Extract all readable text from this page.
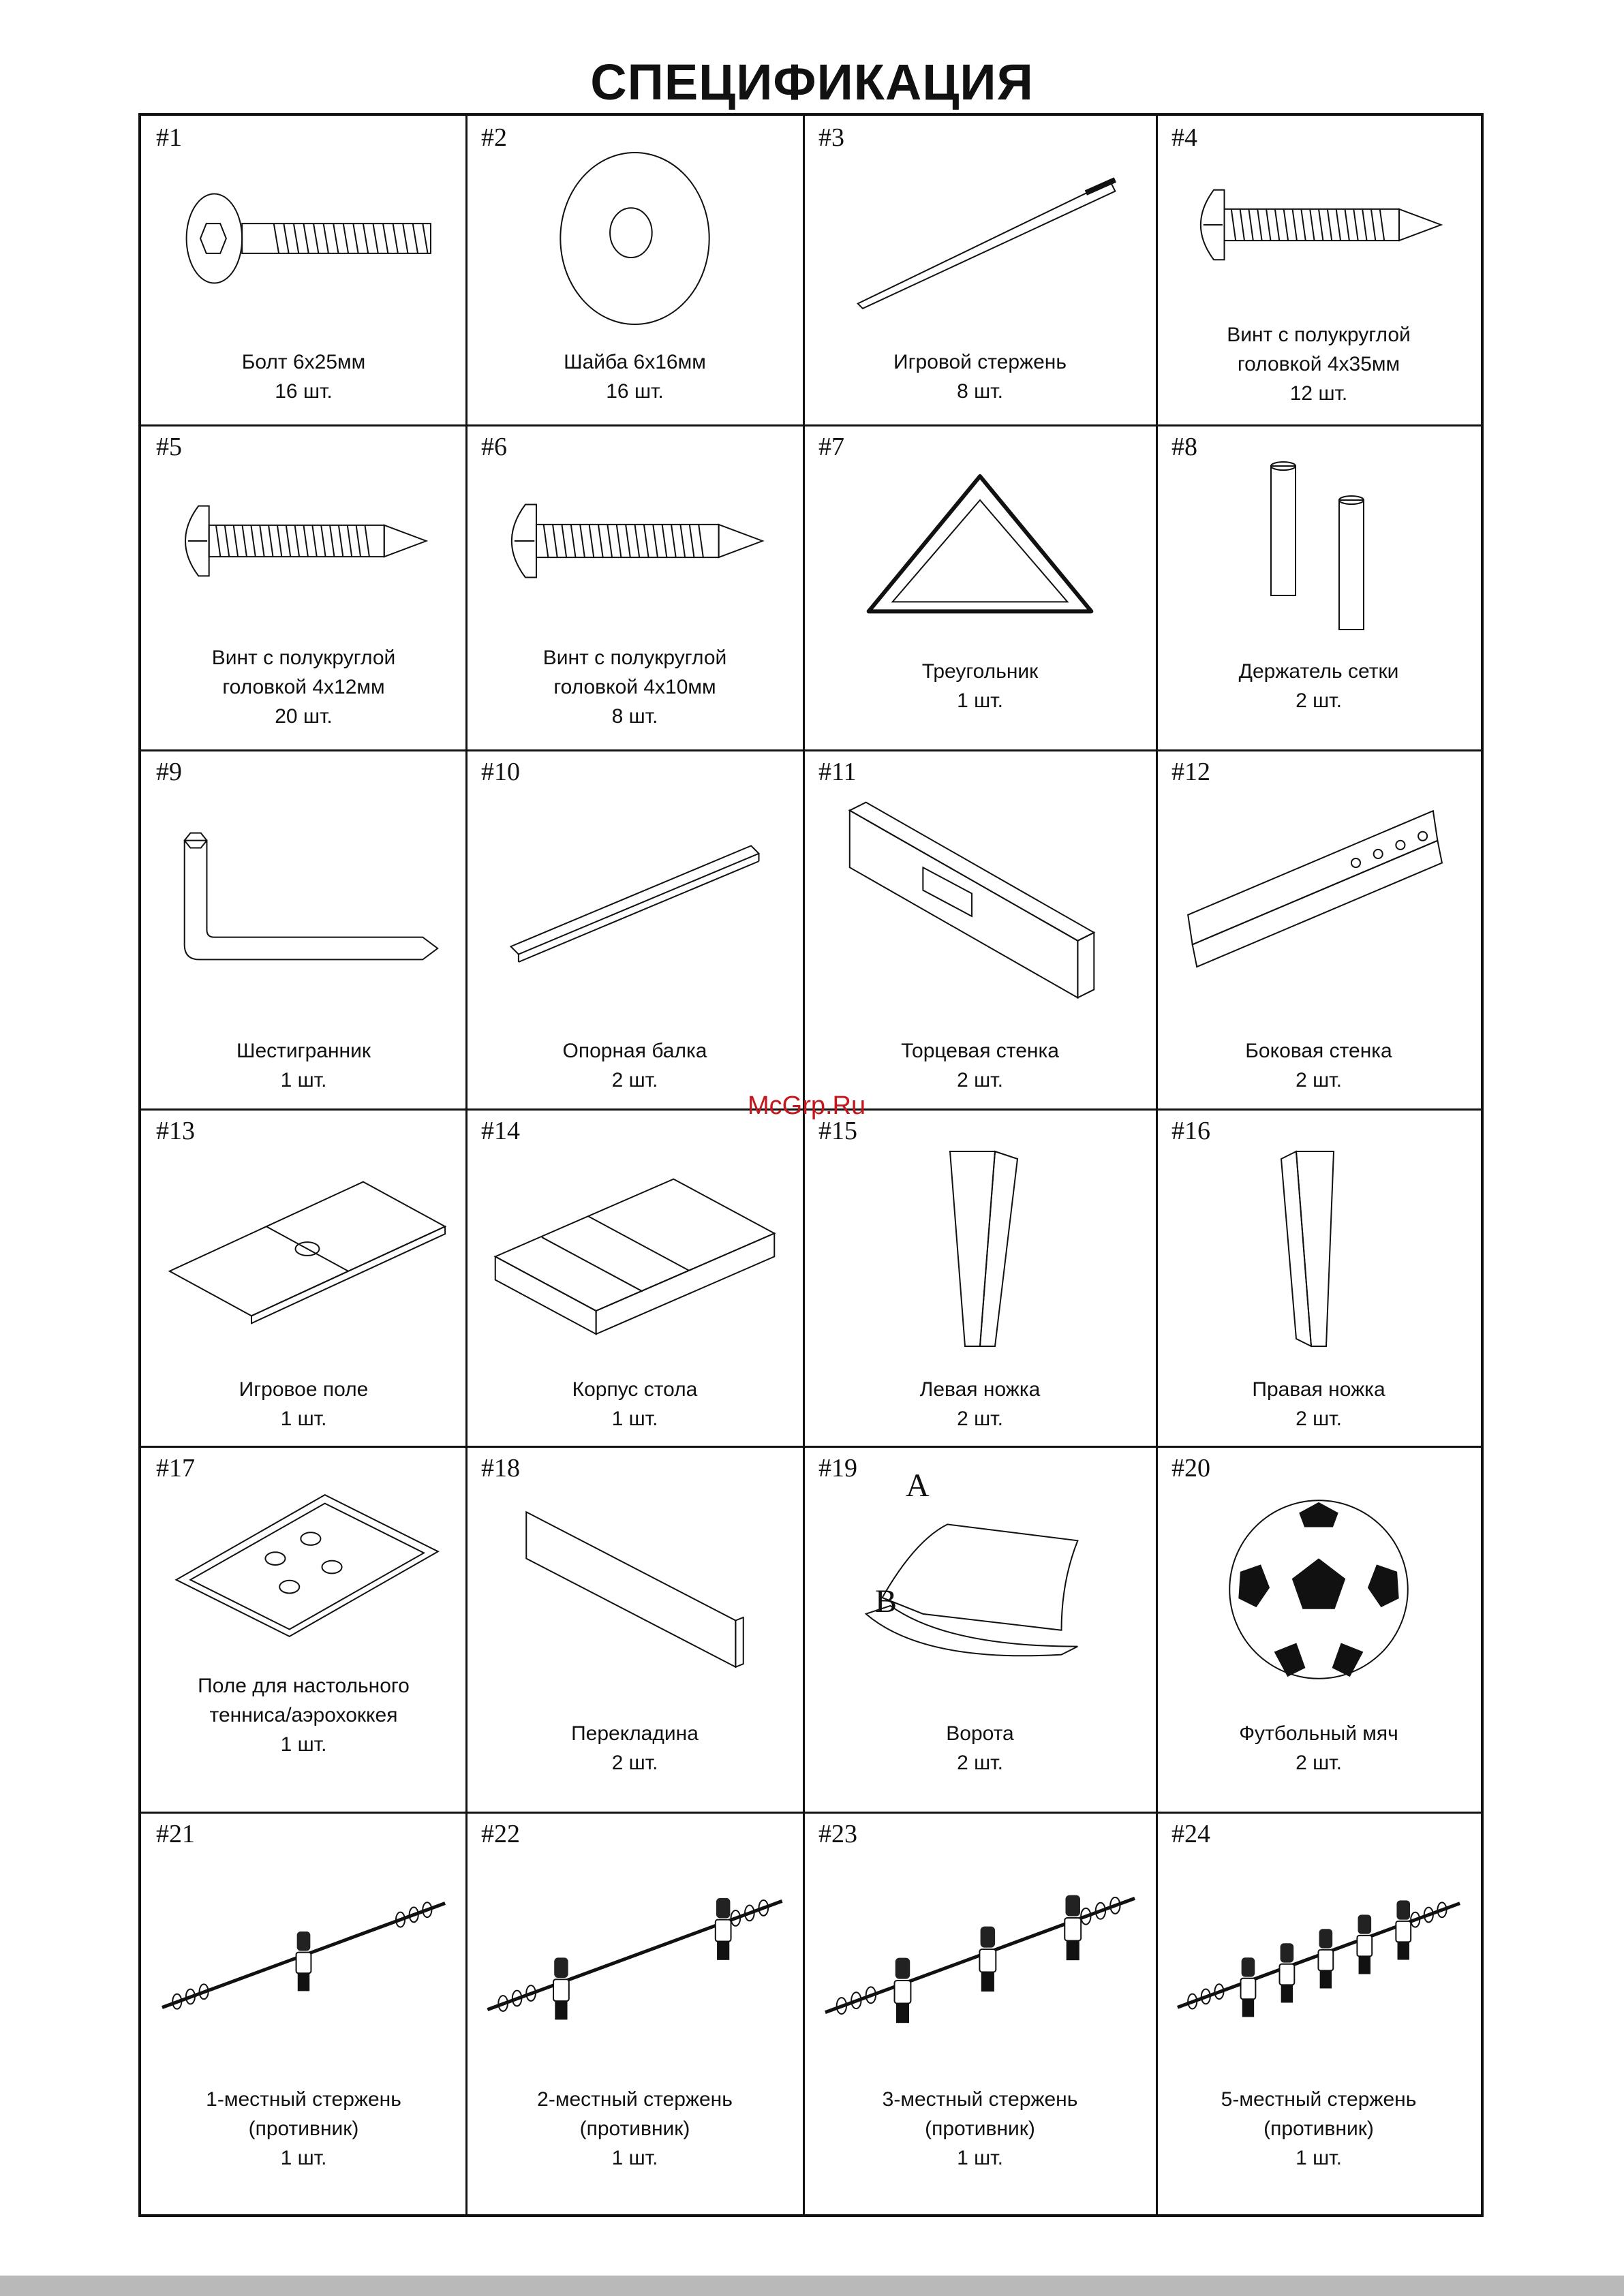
СПЕЦИФИКАЦИЯ
#1
Болт 6x25мм
16 шт.
#2
Шайба 6x16мм
16 шт.
#3
Игровой стержень
8 шт.
#4
Винт с полукруглой
головкой 4x35мм
12 шт.
#5
Винт с полукруглой
головкой 4x12мм
20 шт.
#6
Винт с полукруглой
головкой 4x10мм
8 шт.
#7
Треугольник
1 шт.
#8
Держатель сетки
2 шт.
#9
Шестигранник
1 шт.
#10
Опорная балка
2 шт.
#11
Торцевая стенка
2 шт.
#12
Боковая стенка
2 шт.
#13
Игровое поле
1 шт.
#14
Корпус стола
1 шт.
#15
Левая ножка
2 шт.
#16
Правая ножка
2 шт.
#17
Поле для настольного
тенниса/аэрохоккея
1 шт.
#18
Перекладина
2 шт.
#19 A
B
Ворота
2 шт.
#20
Футбольный мяч
2 шт.
#21
1-местный стержень
(противник)
1 шт.
#22
2-местный стержень
(противник)
1 шт.
#23
3-местный стержень
(противник)
1 шт.
#24
5-местный стержень
(противник)
1 шт.
McGrp.Ru
